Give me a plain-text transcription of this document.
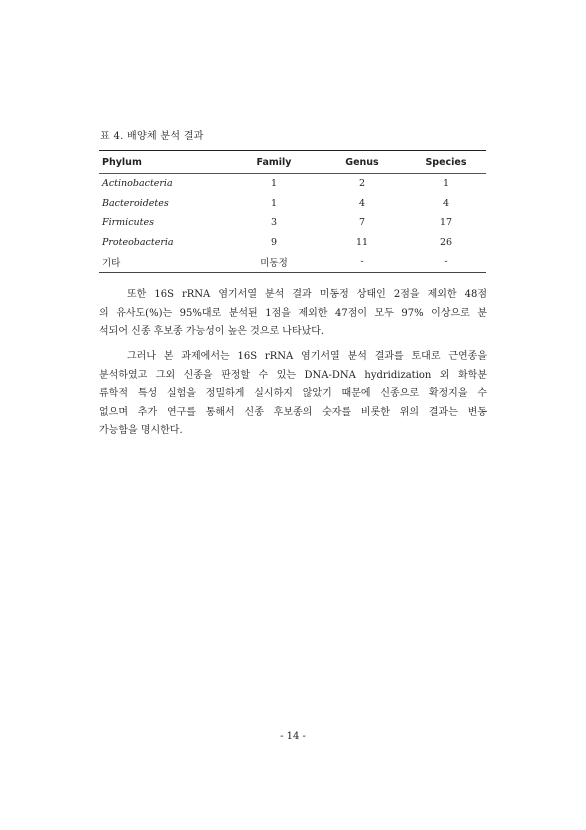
표 4. 배양체 분석 결과
Phylum	Family	Genus	Species
Actinobacteria	1	2	1
Bacteroidetes	1	4	4
Firmicutes	3	7	17
Proteobacteria	9	11	26
기타	미동정	-	-
또한 16S rRNA 염기서열 분석 결과 미동정 상태인 2점을 제외한 48점
의 유사도(%)는 95%대로 분석된 1점을 제외한 47점이 모두 97% 이상으로 분
석되어 신종 후보종 가능성이 높은 것으로 나타났다.
그러나 본 과제에서는 16S rRNA 염기서열 분석 결과를 토대로 근연종을
분석하였고 그외 신종을 판정할 수 있는 DNA-DNA hydridization 외 화학분
류학적 특성 실험을 정밀하게 실시하지 않았기 때문에 신종으로 확정지을 수
없으며 추가 연구를 통해서 신종 후보종의 숫자를 비롯한 위의 결과는 변동
가능함을 명시한다.
- 14 -
